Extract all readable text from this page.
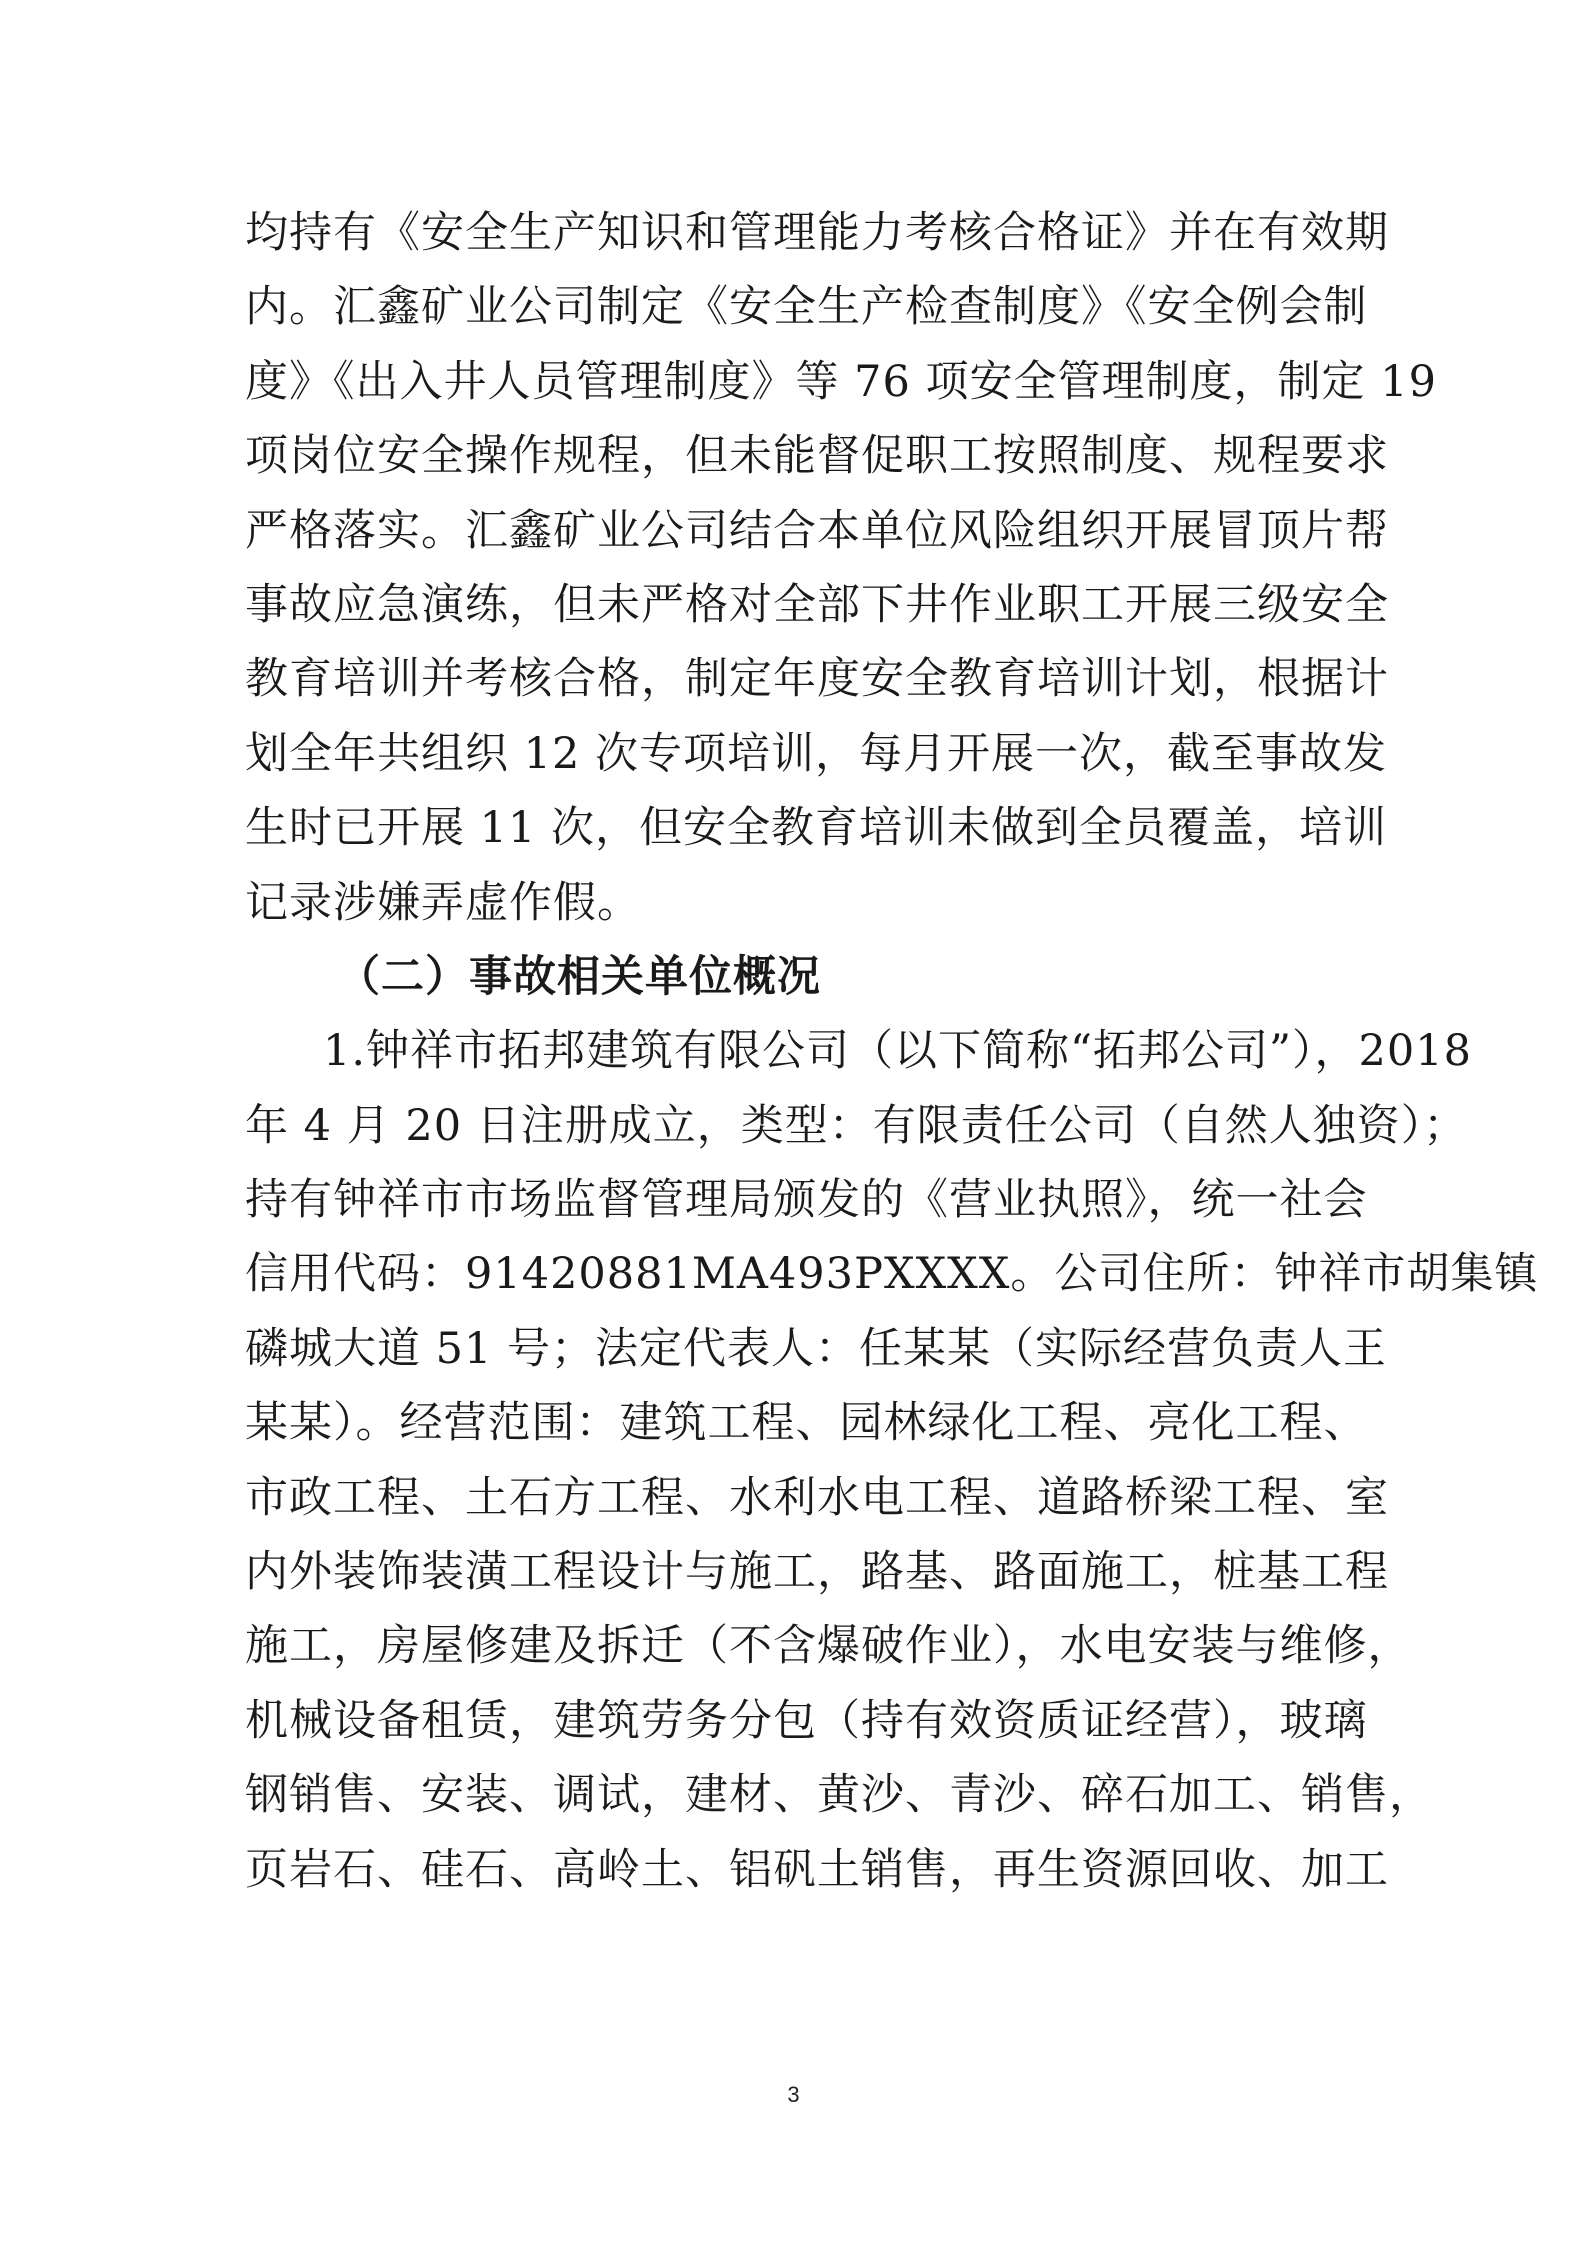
均持有《安全生产知识和管理能力考核合格证》并在有效期
内。汇鑫矿业公司制定《安全生产检查制度》《安全例会制
度》《出入井人员管理制度》等 76 项安全管理制度，制定 19
项岗位安全操作规程，但未能督促职工按照制度、规程要求
严格落实。汇鑫矿业公司结合本单位风险组织开展冒顶片帮
事故应急演练，但未严格对全部下井作业职工开展三级安全
教育培训并考核合格，制定年度安全教育培训计划，根据计
划全年共组织 12 次专项培训，每月开展一次，截至事故发
生时已开展 11 次，但安全教育培训未做到全员覆盖，培训
记录涉嫌弄虚作假。
（二）事故相关单位概况
1.钟祥市拓邦建筑有限公司（以下简称“拓邦公司”），2018
年 4 月 20 日注册成立，类型：有限责任公司（自然人独资）；
持有钟祥市市场监督管理局颁发的《营业执照》，统一社会
信用代码：91420881MA493PXXXX。公司住所：钟祥市胡集镇
磷城大道 51 号；法定代表人：任某某（实际经营负责人王
某某）。经营范围：建筑工程、园林绿化工程、亮化工程、
市政工程、土石方工程、水利水电工程、道路桥梁工程、室
内外装饰装潢工程设计与施工，路基、路面施工，桩基工程
施工，房屋修建及拆迁（不含爆破作业），水电安装与维修，
机械设备租赁，建筑劳务分包（持有效资质证经营），玻璃
钢销售、安装、调试，建材、黄沙、青沙、碎石加工、销售，
页岩石、硅石、高岭土、铝矾土销售，再生资源回收、加工
3
